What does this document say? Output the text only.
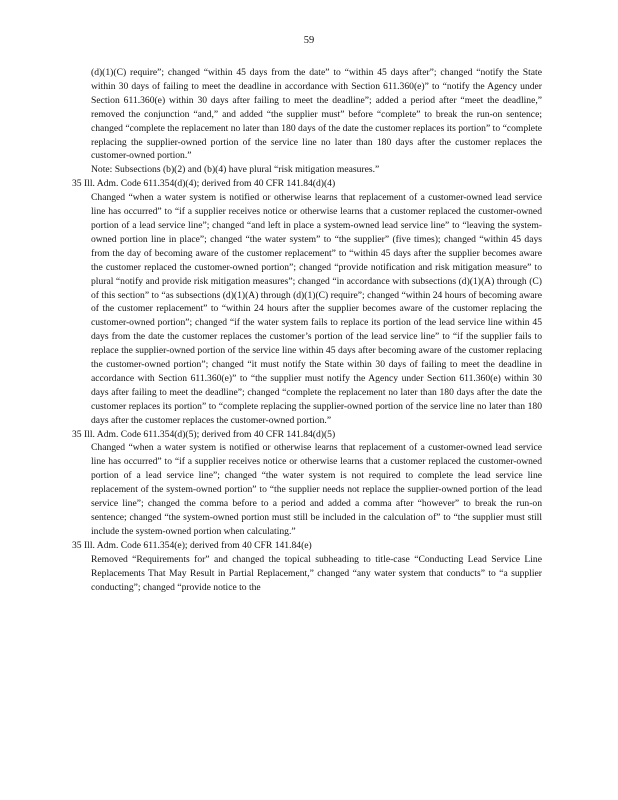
59
(d)(1)(C) require”; changed “within 45 days from the date” to “within 45 days after”; changed “notify the State within 30 days of failing to meet the deadline in accordance with Section 611.360(e)” to “notify the Agency under Section 611.360(e) within 30 days after failing to meet the deadline”; added a period after “meet the deadline,” removed the conjunction “and,” and added “the supplier must” before “complete” to break the run-on sentence; changed “complete the replacement no later than 180 days of the date the customer replaces its portion” to “complete replacing the supplier-owned portion of the service line no later than 180 days after the customer replaces the customer-owned portion.”
Note: Subsections (b)(2) and (b)(4) have plural “risk mitigation measures.”
35 Ill. Adm. Code 611.354(d)(4); derived from 40 CFR 141.84(d)(4)
Changed “when a water system is notified or otherwise learns that replacement of a customer-owned lead service line has occurred” to “if a supplier receives notice or otherwise learns that a customer replaced the customer-owned portion of a lead service line”; changed “and left in place a system-owned lead service line” to “leaving the system-owned portion line in place”; changed “the water system” to “the supplier” (five times); changed “within 45 days from the day of becoming aware of the customer replacement” to “within 45 days after the supplier becomes aware the customer replaced the customer-owned portion”; changed “provide notification and risk mitigation measure” to plural “notify and provide risk mitigation measures”; changed “in accordance with subsections (d)(1)(A) through (C) of this section” to “as subsections (d)(1)(A) through (d)(1)(C) require”; changed “within 24 hours of becoming aware of the customer replacement” to “within 24 hours after the supplier becomes aware of the customer replacing the customer-owned portion”; changed “if the water system fails to replace its portion of the lead service line within 45 days from the date the customer replaces the customer’s portion of the lead service line” to “if the supplier fails to replace the supplier-owned portion of the service line within 45 days after becoming aware of the customer replacing the customer-owned portion”; changed “it must notify the State within 30 days of failing to meet the deadline in accordance with Section 611.360(e)” to “the supplier must notify the Agency under Section 611.360(e) within 30 days after failing to meet the deadline”; changed “complete the replacement no later than 180 days after the date the customer replaces its portion” to “complete replacing the supplier-owned portion of the service line no later than 180 days after the customer replaces the customer-owned portion.”
35 Ill. Adm. Code 611.354(d)(5); derived from 40 CFR 141.84(d)(5)
Changed “when a water system is notified or otherwise learns that replacement of a customer-owned lead service line has occurred” to “if a supplier receives notice or otherwise learns that a customer replaced the customer-owned portion of a lead service line”; changed “the water system is not required to complete the lead service line replacement of the system-owned portion” to “the supplier needs not replace the supplier-owned portion of the lead service line”; changed the comma before to a period and added a comma after “however” to break the run-on sentence; changed “the system-owned portion must still be included in the calculation of” to “the supplier must still include the system-owned portion when calculating.”
35 Ill. Adm. Code 611.354(e); derived from 40 CFR 141.84(e)
Removed “Requirements for” and changed the topical subheading to title-case “Conducting Lead Service Line Replacements That May Result in Partial Replacement,” changed “any water system that conducts” to “a supplier conducting”; changed “provide notice to the
